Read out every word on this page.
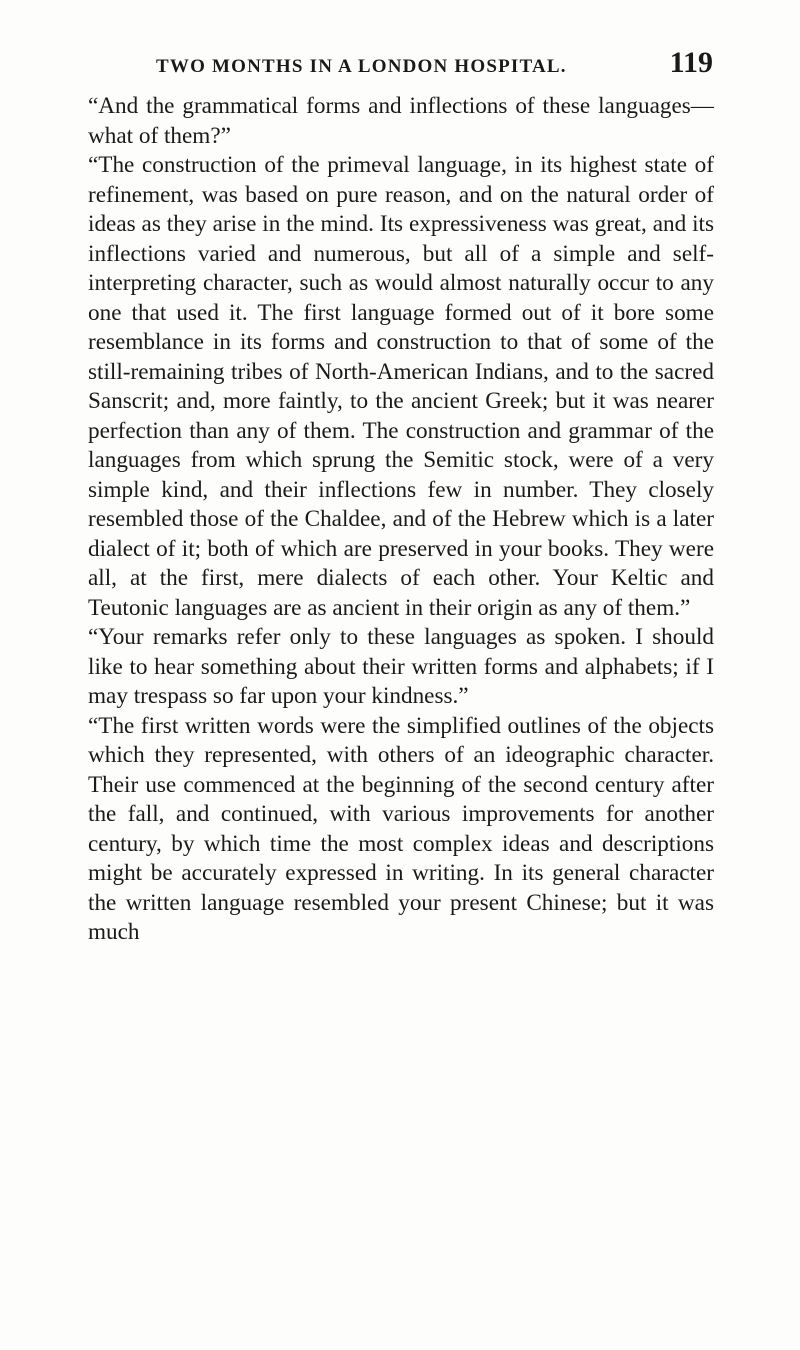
TWO MONTHS IN A LONDON HOSPITAL.	119

“And the grammatical forms and inflections of these languages—what of them?”

“The construction of the primeval language, in its highest state of refinement, was based on pure reason, and on the natural order of ideas as they arise in the mind. Its expressiveness was great, and its inflections varied and numerous, but all of a simple and self-interpreting character, such as would almost naturally occur to any one that used it. The first language formed out of it bore some resemblance in its forms and construction to that of some of the still-remaining tribes of North-American Indians, and to the sacred Sanscrit; and, more faintly, to the ancient Greek; but it was nearer perfection than any of them. The construction and grammar of the languages from which sprung the Semitic stock, were of a very simple kind, and their inflections few in number. They closely resembled those of the Chaldee, and of the Hebrew which is a later dialect of it; both of which are preserved in your books. They were all, at the first, mere dialects of each other. Your Keltic and Teutonic languages are as ancient in their origin as any of them.”

“Your remarks refer only to these languages as spoken. I should like to hear something about their written forms and alphabets; if I may trespass so far upon your kindness.”

“The first written words were the simplified outlines of the objects which they represented, with others of an ideographic character. Their use commenced at the beginning of the second century after the fall, and continued, with various improvements for another century, by which time the most complex ideas and descriptions might be accurately expressed in writing. In its general character the written language resembled your present Chinese; but it was much
